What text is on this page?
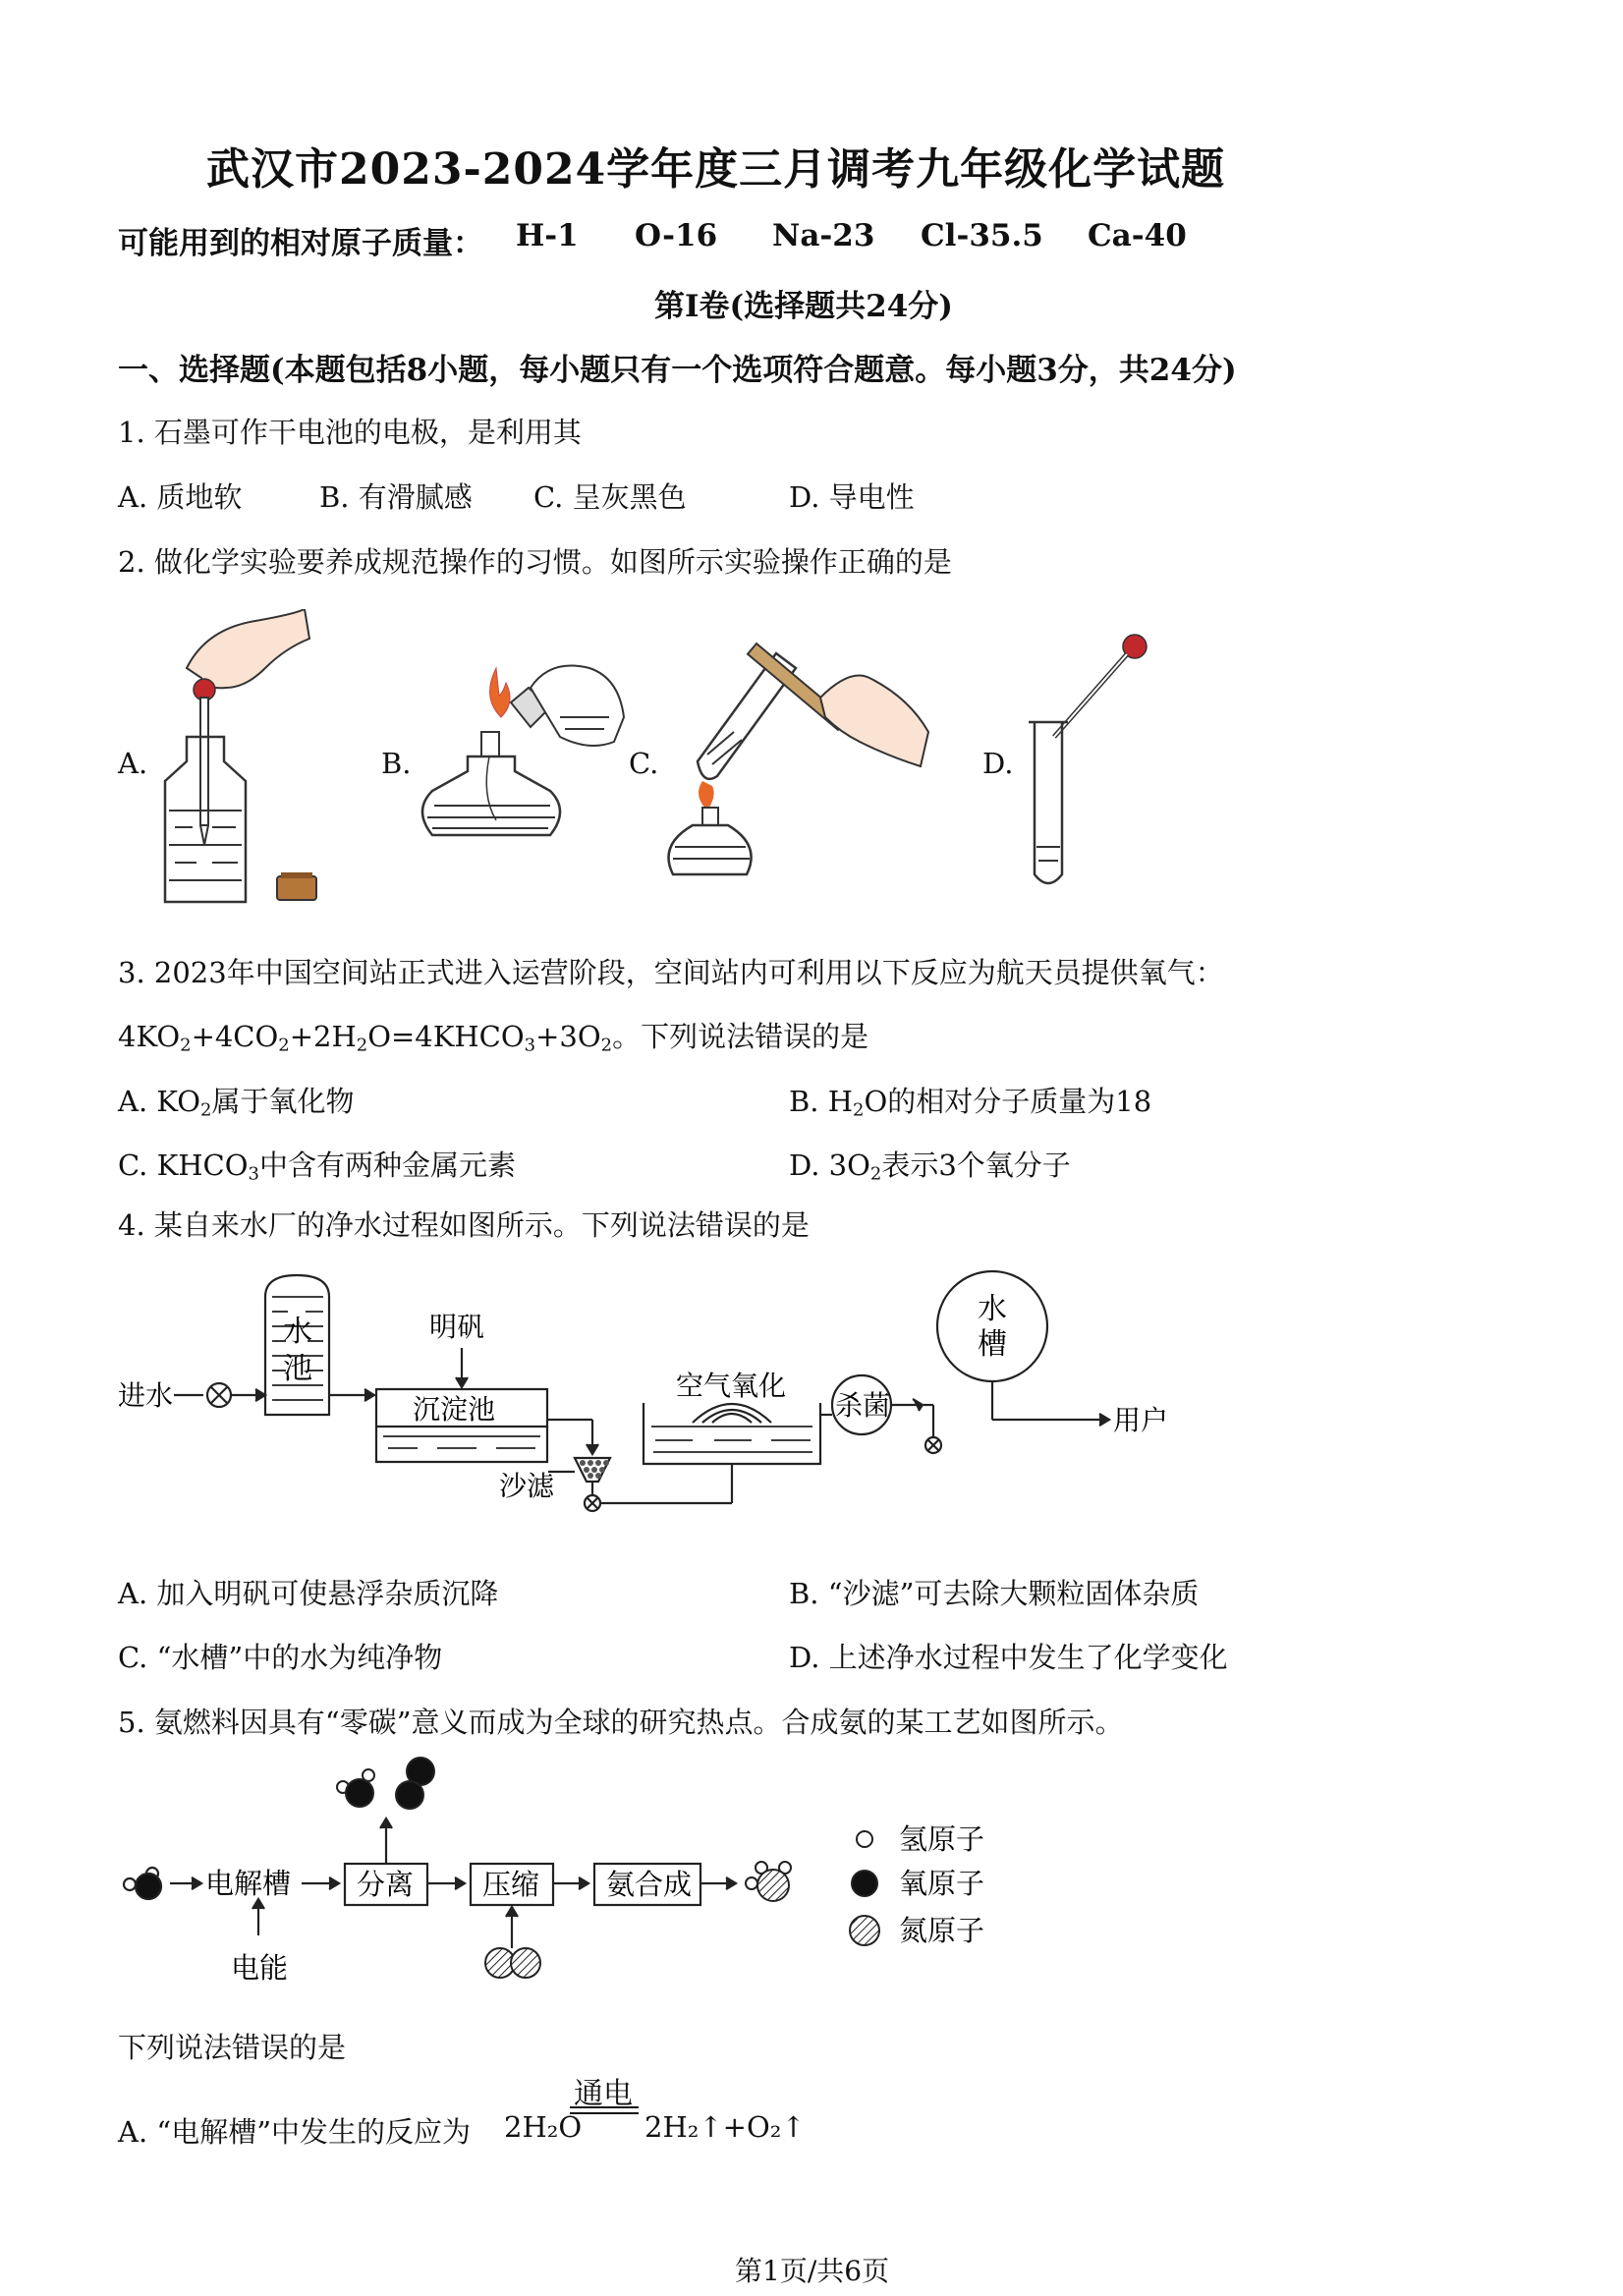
武汉市2023-2024学年度三月调考九年级化学试题
可能用到的相对原子质量： H-1 O-16 Na-23 Cl-35.5 Ca-40
第I卷(选择题共24分)
一、选择题(本题包括8小题，每小题只有一个选项符合题意。每小题3分，共24分)
1. 石墨可作干电池的电极，是利用其
A. 质地软	B. 有滑腻感 C. 呈灰黑色	D. 导电性
2. 做化学实验要养成规范操作的习惯。如图所示实验操作正确的是
A.	B.	C.	D.
3. 2023年中国空间站正式进入运营阶段，空间站内可利用以下反应为航天员提供氧气：
$4KO_2+4CO_2+2H_2O=4KHCO_3+3O_2$。下列说法错误的是
A. $KO_2$属于氧化物	B. $H_2O$的相对分子质量为18
C. $KHCO_3$中含有两种金属元素	D. $3O_2$表示3个氧分子
4. 某自来水厂的净水过程如图所示。下列说法错误的是
进水
明矾
沉淀池
沙滤
空气氧化
杀菌	用户
水
池
水
槽
A. 加入明矾可使悬浮杂质沉降	B. “沙滤”可去除大颗粒固体杂质
C. “水槽”中的水为纯净物	D. 上述净水过程中发生了化学变化
5. 氨燃料因具有“零碳”意义而成为全球的研究热点。合成氨的某工艺如图所示。
电解槽 分离 压缩 氨合成
电能
氢原子
氧原子
氮原子
下列说法错误的是
A. “电解槽”中发生的反应为 2H₂O
通电
2H₂↑+O₂↑
第1页/共6页
